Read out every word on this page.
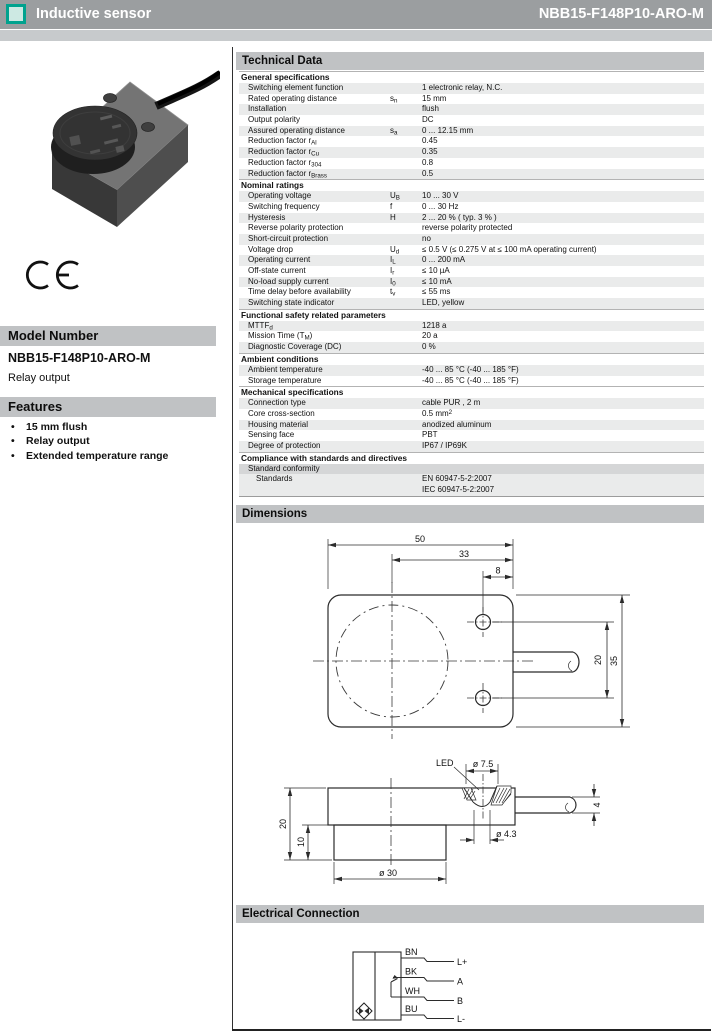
Inductive sensor	NBB15-F148P10-ARO-M
Model Number
NBB15-F148P10-ARO-M
Relay output
Features
• 15 mm flush
• Relay output
• Extended temperature range
Technical Data
General specifications
Switching element function	1 electronic relay, N.C.
Rated operating distance	$s_n$	15 mm
Installation	flush
Output polarity	DC
Assured operating distance	$s_a$	0 ... 12.15 mm
Reduction factor $r_{Al}$	0.45
Reduction factor $r_{Cu}$	0.35
Reduction factor $r_{304}$	0.8
Reduction factor $r_{Brass}$	0.5
Nominal ratings
Operating voltage	$U_B$	10 ... 30 V
Switching frequency	f	0 ... 30 Hz
Hysteresis	H	2 ... 20 % ( typ. 3 % )
Reverse polarity protection	reverse polarity protected
Short-circuit protection	no
Voltage drop	$U_d$	≤ 0.5 V (≤ 0.275 V at ≤ 100 mA operating current)
Operating current	$I_L$	0 ... 200 mA
Off-state current	$I_r$	≤ 10 µA
No-load supply current	$I_0$	≤ 10 mA
Time delay before availability	$t_v$	≤ 55 ms
Switching state indicator	LED, yellow
Functional safety related parameters
$MTTF_d$	1218 a
Mission Time $(T_M)$	20 a
Diagnostic Coverage (DC)	0 %
Ambient conditions
Ambient temperature	-40 ... 85 °C (-40 ... 185 °F)
Storage temperature	-40 ... 85 °C (-40 ... 185 °F)
Mechanical specifications
Connection type	cable PUR , 2 m
Core cross-section	0.5 $mm^2$
Housing material	anodized aluminum
Sensing face	PBT
Degree of protection	IP67 / IP69K
Compliance with standards and directives
Standard conformity
Standards	EN 60947-5-2:2007
IEC 60947-5-2:2007
Dimensions
50
33
8
20 35
LED ø 7.5
20
10
ø 30
ø 4.3
4
Electrical Connection
BN
L+
BK
A
WH
B
BU
L-
